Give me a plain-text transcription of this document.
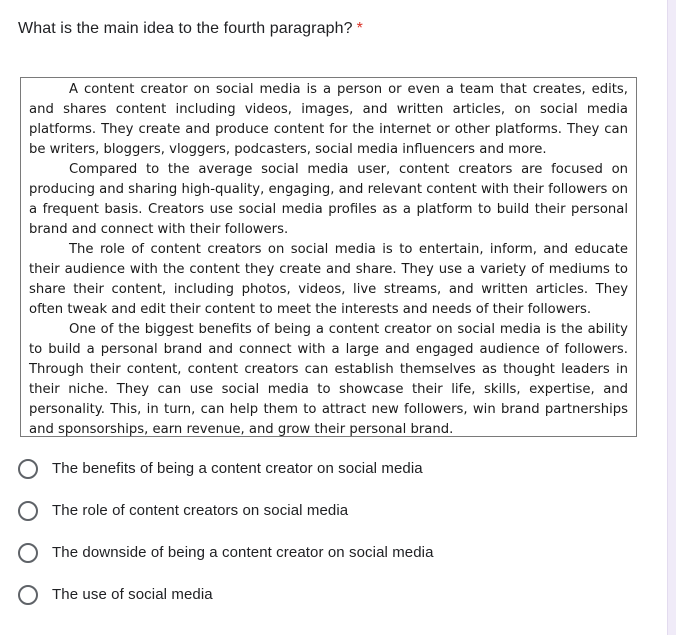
What is the main idea to the fourth paragraph? *

A content creator on social media is a person or even a team that creates, edits, and shares content including videos, images, and written articles, on social media platforms. They create and produce content for the internet or other platforms. They can be writers, bloggers, vloggers, podcasters, social media influencers and more.

Compared to the average social media user, content creators are focused on producing and sharing high-quality, engaging, and relevant content with their followers on a frequent basis. Creators use social media profiles as a platform to build their personal brand and connect with their followers.

The role of content creators on social media is to entertain, inform, and educate their audience with the content they create and share. They use a variety of mediums to share their content, including photos, videos, live streams, and written articles. They often tweak and edit their content to meet the interests and needs of their followers.

One of the biggest benefits of being a content creator on social media is the ability to build a personal brand and connect with a large and engaged audience of followers. Through their content, content creators can establish themselves as thought leaders in their niche. They can use social media to showcase their life, skills, expertise, and personality. This, in turn, can help them to attract new followers, win brand partnerships and sponsorships, earn revenue, and grow their personal brand.

The benefits of being a content creator on social media
The role of content creators on social media
The downside of being a content creator on social media
The use of social media
